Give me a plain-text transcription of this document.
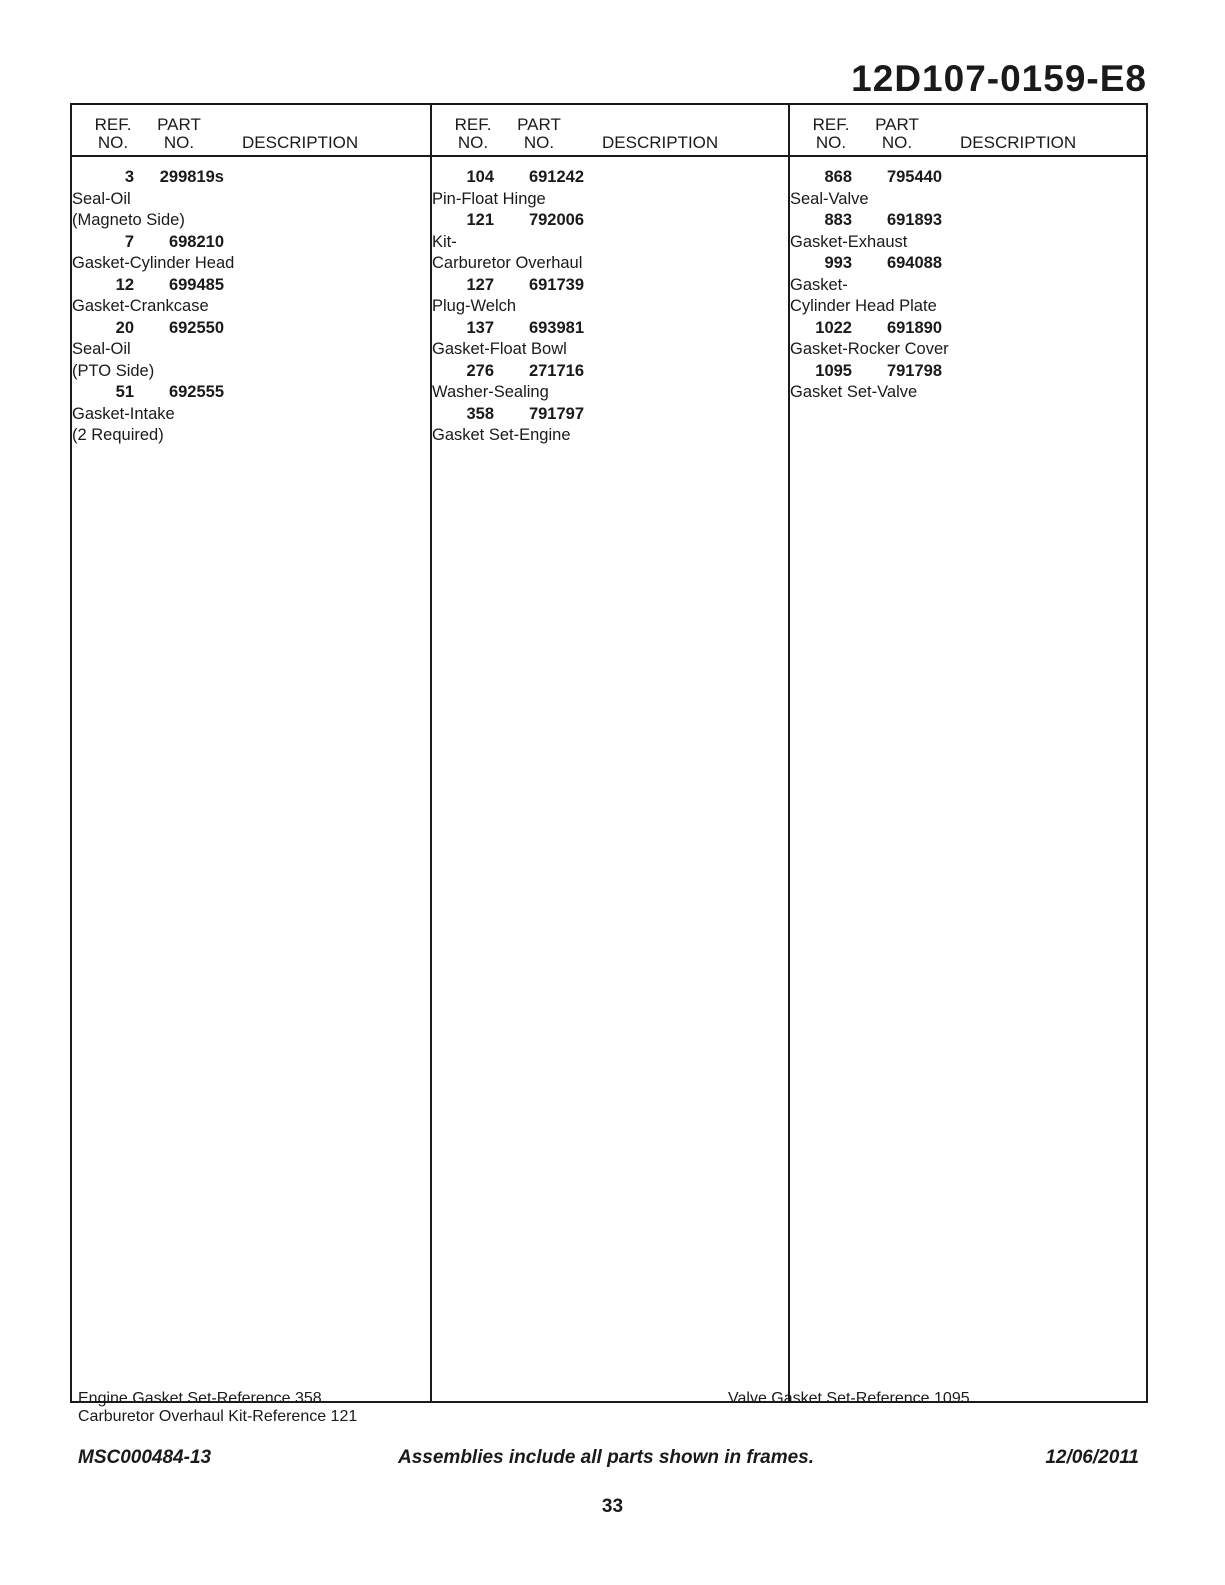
12D107-0159-E8
REF.
NO.
PART
NO.	DESCRIPTION
3	299819s
Seal-Oil
(Magneto Side)
7	698210
Gasket-Cylinder Head
12	699485
Gasket-Crankcase
20	692550
Seal-Oil
(PTO Side)
51	692555
Gasket-Intake
(2 Required)
REF.
NO.
PART
NO.	DESCRIPTION
104	691242
Pin-Float Hinge
121	792006
Kit-
Carburetor Overhaul
127	691739
Plug-Welch
137	693981
Gasket-Float Bowl
276	271716
Washer-Sealing
358	791797
Gasket Set-Engine
REF.
NO.
PART
NO.	DESCRIPTION
868	795440
Seal-Valve
883	691893
Gasket-Exhaust
993	694088
Gasket-
Cylinder Head Plate
1022	691890
Gasket-Rocker Cover
1095	791798
Gasket Set-Valve
Engine Gasket Set-Reference 358
Carburetor Overhaul Kit-Reference 121
Valve Gasket Set-Reference 1095
MSC000484-13	Assemblies include all parts shown in frames.	12/06/2011
33
